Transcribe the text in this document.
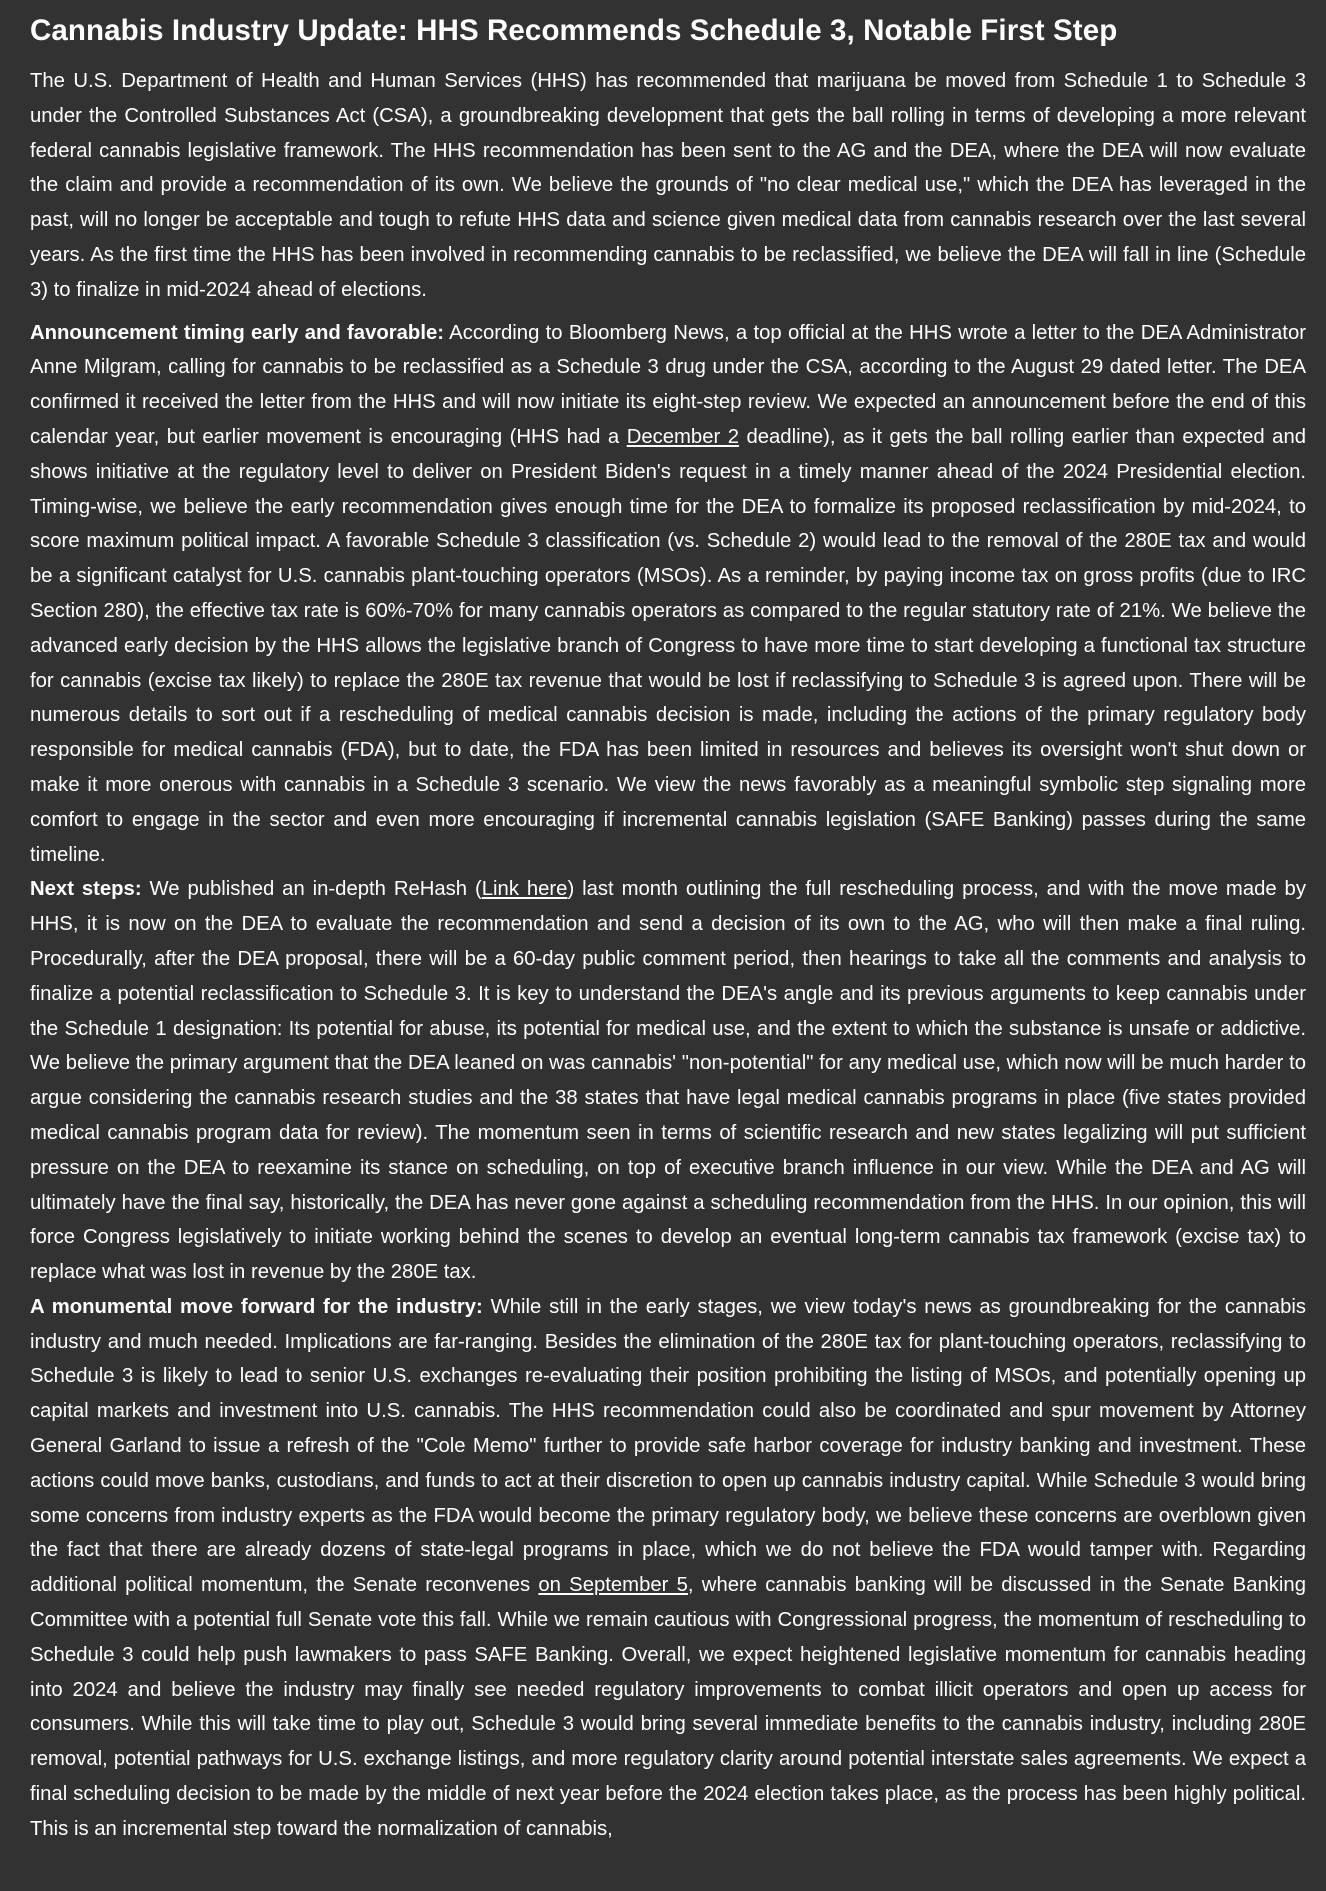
Cannabis Industry Update: HHS Recommends Schedule 3, Notable First Step

The U.S. Department of Health and Human Services (HHS) has recommended that marijuana be moved from Schedule 1 to Schedule 3 under the Controlled Substances Act (CSA), a groundbreaking development that gets the ball rolling in terms of developing a more relevant federal cannabis legislative framework. The HHS recommendation has been sent to the AG and the DEA, where the DEA will now evaluate the claim and provide a recommendation of its own. We believe the grounds of "no clear medical use," which the DEA has leveraged in the past, will no longer be acceptable and tough to refute HHS data and science given medical data from cannabis research over the last several years. As the first time the HHS has been involved in recommending cannabis to be reclassified, we believe the DEA will fall in line (Schedule 3) to finalize in mid-2024 ahead of elections.

Announcement timing early and favorable: According to Bloomberg News, a top official at the HHS wrote a letter to the DEA Administrator Anne Milgram, calling for cannabis to be reclassified as a Schedule 3 drug under the CSA, according to the August 29 dated letter. The DEA confirmed it received the letter from the HHS and will now initiate its eight-step review. We expected an announcement before the end of this calendar year, but earlier movement is encouraging (HHS had a December 2 deadline), as it gets the ball rolling earlier than expected and shows initiative at the regulatory level to deliver on President Biden's request in a timely manner ahead of the 2024 Presidential election. Timing-wise, we believe the early recommendation gives enough time for the DEA to formalize its proposed reclassification by mid-2024, to score maximum political impact. A favorable Schedule 3 classification (vs. Schedule 2) would lead to the removal of the 280E tax and would be a significant catalyst for U.S. cannabis plant-touching operators (MSOs). As a reminder, by paying income tax on gross profits (due to IRC Section 280), the effective tax rate is 60%-70% for many cannabis operators as compared to the regular statutory rate of 21%. We believe the advanced early decision by the HHS allows the legislative branch of Congress to have more time to start developing a functional tax structure for cannabis (excise tax likely) to replace the 280E tax revenue that would be lost if reclassifying to Schedule 3 is agreed upon. There will be numerous details to sort out if a rescheduling of medical cannabis decision is made, including the actions of the primary regulatory body responsible for medical cannabis (FDA), but to date, the FDA has been limited in resources and believes its oversight won't shut down or make it more onerous with cannabis in a Schedule 3 scenario. We view the news favorably as a meaningful symbolic step signaling more comfort to engage in the sector and even more encouraging if incremental cannabis legislation (SAFE Banking) passes during the same timeline.

Next steps: We published an in-depth ReHash (Link here) last month outlining the full rescheduling process, and with the move made by HHS, it is now on the DEA to evaluate the recommendation and send a decision of its own to the AG, who will then make a final ruling. Procedurally, after the DEA proposal, there will be a 60-day public comment period, then hearings to take all the comments and analysis to finalize a potential reclassification to Schedule 3. It is key to understand the DEA's angle and its previous arguments to keep cannabis under the Schedule 1 designation: Its potential for abuse, its potential for medical use, and the extent to which the substance is unsafe or addictive. We believe the primary argument that the DEA leaned on was cannabis' "non-potential" for any medical use, which now will be much harder to argue considering the cannabis research studies and the 38 states that have legal medical cannabis programs in place (five states provided medical cannabis program data for review). The momentum seen in terms of scientific research and new states legalizing will put sufficient pressure on the DEA to reexamine its stance on scheduling, on top of executive branch influence in our view. While the DEA and AG will ultimately have the final say, historically, the DEA has never gone against a scheduling recommendation from the HHS. In our opinion, this will force Congress legislatively to initiate working behind the scenes to develop an eventual long-term cannabis tax framework (excise tax) to replace what was lost in revenue by the 280E tax.

A monumental move forward for the industry: While still in the early stages, we view today's news as groundbreaking for the cannabis industry and much needed. Implications are far-ranging. Besides the elimination of the 280E tax for plant-touching operators, reclassifying to Schedule 3 is likely to lead to senior U.S. exchanges re-evaluating their position prohibiting the listing of MSOs, and potentially opening up capital markets and investment into U.S. cannabis. The HHS recommendation could also be coordinated and spur movement by Attorney General Garland to issue a refresh of the "Cole Memo" further to provide safe harbor coverage for industry banking and investment. These actions could move banks, custodians, and funds to act at their discretion to open up cannabis industry capital. While Schedule 3 would bring some concerns from industry experts as the FDA would become the primary regulatory body, we believe these concerns are overblown given the fact that there are already dozens of state-legal programs in place, which we do not believe the FDA would tamper with. Regarding additional political momentum, the Senate reconvenes on September 5, where cannabis banking will be discussed in the Senate Banking Committee with a potential full Senate vote this fall. While we remain cautious with Congressional progress, the momentum of rescheduling to Schedule 3 could help push lawmakers to pass SAFE Banking. Overall, we expect heightened legislative momentum for cannabis heading into 2024 and believe the industry may finally see needed regulatory improvements to combat illicit operators and open up access for consumers. While this will take time to play out, Schedule 3 would bring several immediate benefits to the cannabis industry, including 280E removal, potential pathways for U.S. exchange listings, and more regulatory clarity around potential interstate sales agreements. We expect a final scheduling decision to be made by the middle of next year before the 2024 election takes place, as the process has been highly political. This is an incremental step toward the normalization of cannabis,
